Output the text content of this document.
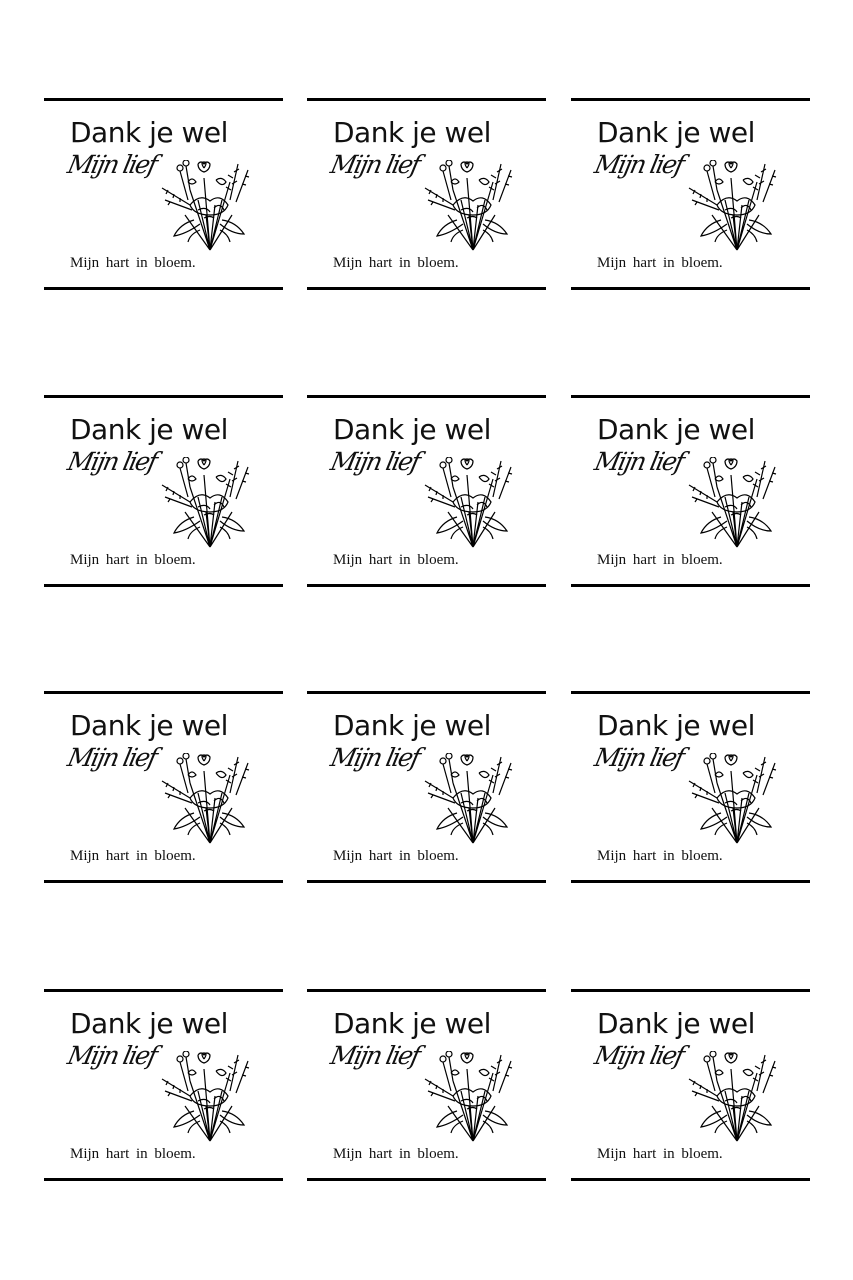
Dank je wel
Mijn lief
Mijn hart in bloem.
Dank je wel
Mijn lief
Mijn hart in bloem.
Dank je wel
Mijn lief
Mijn hart in bloem.
Dank je wel
Mijn lief
Mijn hart in bloem.
Dank je wel
Mijn lief
Mijn hart in bloem.
Dank je wel
Mijn lief
Mijn hart in bloem.
Dank je wel
Mijn lief
Mijn hart in bloem.
Dank je wel
Mijn lief
Mijn hart in bloem.
Dank je wel
Mijn lief
Mijn hart in bloem.
Dank je wel
Mijn lief
Mijn hart in bloem.
Dank je wel
Mijn lief
Mijn hart in bloem.
Dank je wel
Mijn lief
Mijn hart in bloem.
